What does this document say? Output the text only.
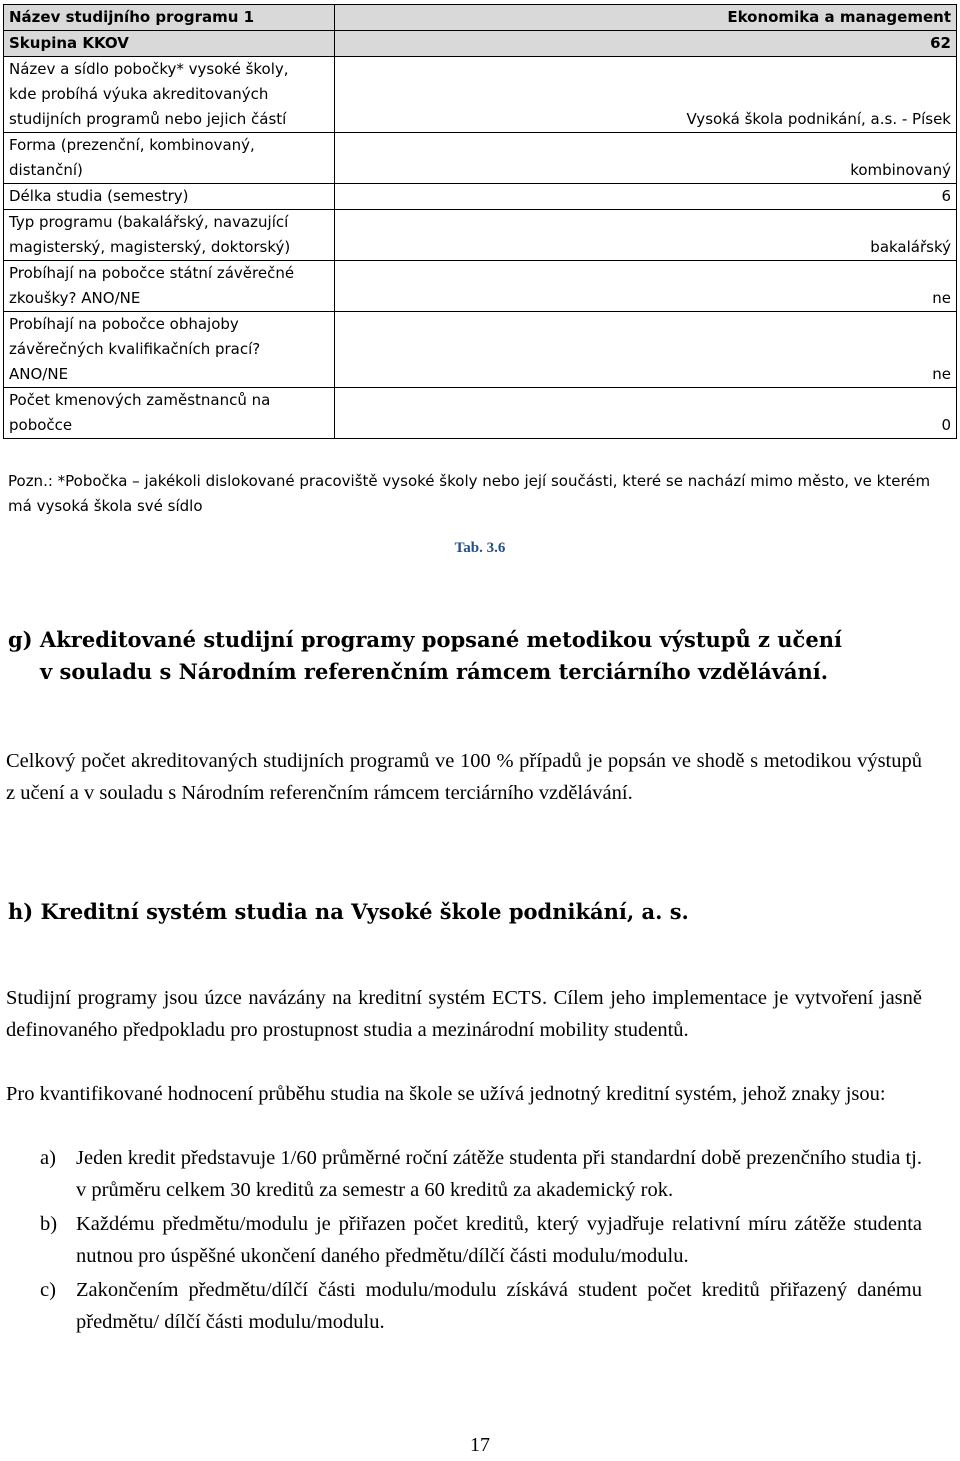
Název studijního programu 1	Ekonomika a management

Skupina KKOV	62

Název a sídlo pobočky* vysoké školy,
kde probíhá výuka akreditovaných
studijních programů nebo jejich částí	Vysoká škola podnikání, a.s. - Písek

Forma (prezenční, kombinovaný,
distanční)	kombinovaný

Délka studia (semestry)	6

Typ programu (bakalářský, navazující
magisterský, magisterský, doktorský)	bakalářský

Probíhají na pobočce státní závěrečné
zkoušky? ANO/NE	ne

Probíhají na pobočce obhajoby
závěrečných kvalifikačních prací?
ANO/NE	ne

Počet kmenových zaměstnanců na
pobočce	0
Pozn.: *Pobočka – jakékoli dislokované pracoviště vysoké školy nebo její součásti, které se nachází mimo město, ve kterém má vysoká škola své sídlo
Tab. 3.6
g) Akreditované studijní programy popsané metodikou výstupů z učení
v souladu s Národním referenčním rámcem terciárního vzdělávání.
Celkový počet akreditovaných studijních programů ve 100 % případů je popsán ve shodě s metodikou výstupů z učení a v souladu s Národním referenčním rámcem terciárního vzdělávání.
h) Kreditní systém studia na Vysoké škole podnikání, a. s.
Studijní programy jsou úzce navázány na kreditní systém ECTS. Cílem jeho implementace je vytvoření jasně definovaného předpokladu pro prostupnost studia a mezinárodní mobility studentů.
Pro kvantifikované hodnocení průběhu studia na škole se užívá jednotný kreditní systém, jehož znaky jsou:
a) Jeden kredit představuje 1/60 průměrné roční zátěže studenta při standardní době prezenčního studia tj. v průměru celkem 30 kreditů za semestr a 60 kreditů za akademický rok.
b) Každému předmětu/modulu je přiřazen počet kreditů, který vyjadřuje relativní míru zátěže studenta nutnou pro úspěšné ukončení daného předmětu/dílčí části modulu/modulu.
c) Zakončením předmětu/dílčí části modulu/modulu získává student počet kreditů přiřazený danému předmětu/ dílčí části modulu/modulu.
17
